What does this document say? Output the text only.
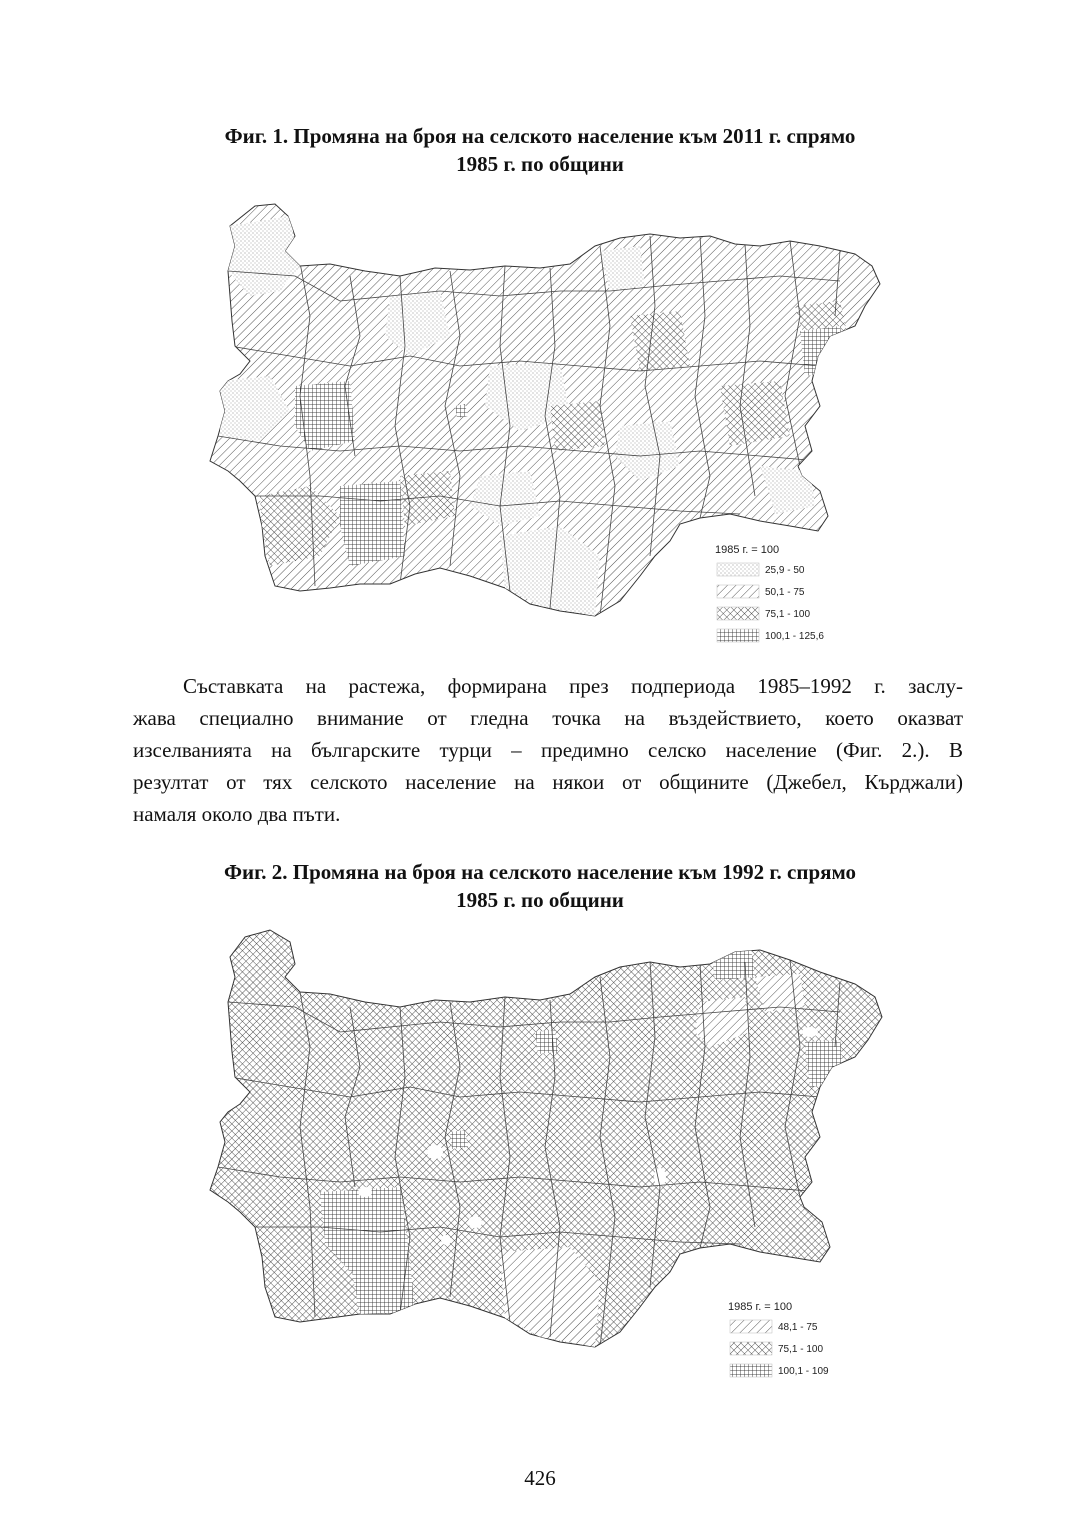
Фиг. 1. Промяна на броя на селското население към 2011 г. спрямо
1985 г. по общини
1985 г. = 100
25,9 - 50
50,1 - 75
75,1 - 100
100,1 - 125,6
Съставката на растежа, формирана през подпериода 1985–1992 г. заслу-
жава специално внимание от гледна точка на въздействието, което оказват
изселванията на българските турци – предимно селско население (Фиг. 2.). В
резултат от тях селското население на някои от общините (Джебел, Кърджали)
намаля около два пъти.
Фиг. 2. Промяна на броя на селското население към 1992 г. спрямо
1985 г. по общини
1985 г. = 100
48,1 - 75
75,1 - 100
100,1 - 109
426
